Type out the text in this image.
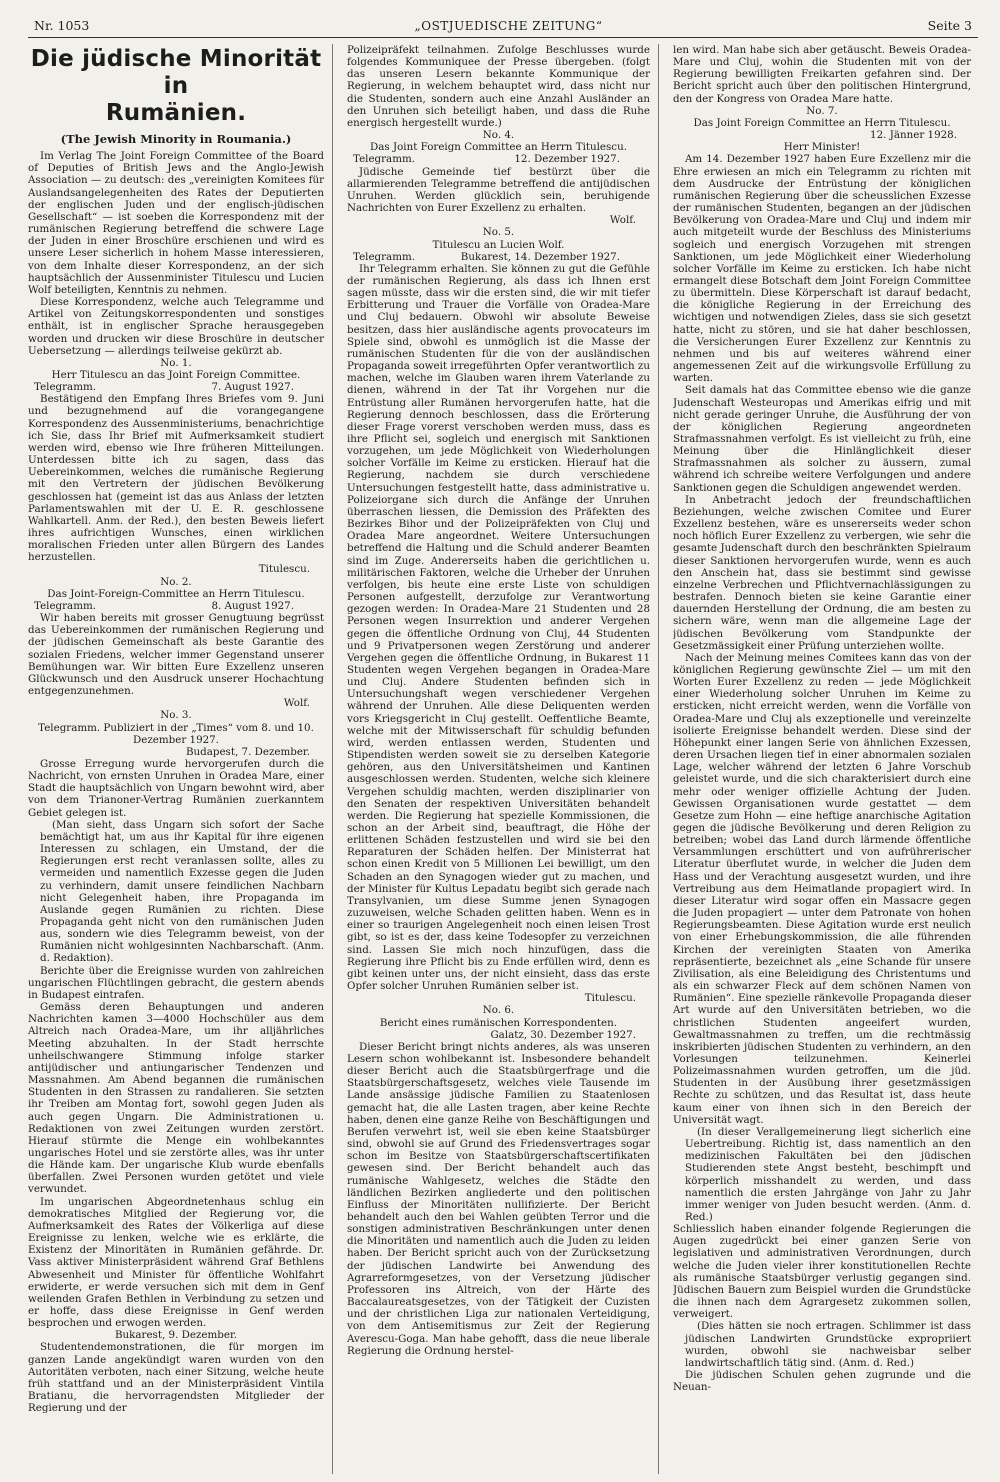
Nr. 1053	„OSTJUEDISCHE ZEITUNG“	Seite 3
Die jüdische Minorität in
Rumänien.
(The Jewish Minority in Roumania.)

Im Verlag The Joint Foreign Committee of the Board of Deputies of British Jews and the Anglo-Jewish Association — zu deutsch: des „vereinigten Komitees für Auslandsangelegenheiten des Rates der Deputierten der englischen Juden und der englisch-jüdischen Gesellschaft“ — ist soeben die Korrespondenz mit der rumänischen Regierung betreffend die schwere Lage der Juden in einer Broschüre erschienen und wird es unsere Leser sicherlich in hohem Masse interessieren, von dem Inhalte dieser Korrespondenz, an der sich hauptsächlich der Aussenminister Titulescu und Lucien Wolf beteiligten, Kenntnis zu nehmen.

Diese Korrespondenz, welche auch Telegramme und Artikel von Zeitungskorrespondenten und sonstiges enthält, ist in englischer Sprache herausgegeben worden und drucken wir diese Broschüre in deutscher Uebersetzung — allerdings teilweise gekürzt ab.

No. 1.

Herr Titulescu an das Joint Foreign Committee.

Telegramm.	7. August 1927.

Bestätigend den Empfang Ihres Briefes vom 9. Juni und bezugnehmend auf die vorangegangene Korrespondenz des Aussenministeriums, benachrichtige ich Sie, dass Ihr Brief mit Aufmerksamkeit studiert werden wird, ebenso wie Ihre früheren Mitteilungen. Unterdessen bitte ich zu sagen, dass das Uebereinkommen, welches die rumänische Regierung mit den Vertretern der jüdischen Bevölkerung geschlossen hat (gemeint ist das aus Anlass der letzten Parlamentswahlen mit der U. E. R. geschlossene Wahlkartell. Anm. der Red.), den besten Beweis liefert ihres aufrichtigen Wunsches, einen wirklichen moralischen Frieden unter allen Bürgern des Landes herzustellen.

Titulescu.

No. 2.

Das Joint-Foreign-Committee an Herrn Titulescu.

Telegramm.	8. August 1927.

Wir haben bereits mit grosser Genugtuung begrüsst das Uebereinkommen der rumänischen Regierung und der jüdischen Gemeinschaft als beste Garantie des sozialen Friedens, welcher immer Gegenstand unserer Bemühungen war. Wir bitten Eure Exzellenz unseren Glückwunsch und den Ausdruck unserer Hochachtung entgegenzunehmen.

Wolf.

No. 3.

Telegramm. Publiziert in der „Times“ vom 8. und 10. Dezember 1927.

Budapest, 7. Dezember.

Grosse Erregung wurde hervorgerufen durch die Nachricht, von ernsten Unruhen in Oradea Mare, einer Stadt die hauptsächlich von Ungarn bewohnt wird, aber von dem Trianoner-Vertrag Rumänien zuerkanntem Gebiet gelegen ist.

(Man sieht, dass Ungarn sich sofort der Sache bemächtigt hat, um aus ihr Kapital für ihre eigenen Interessen zu schlagen, ein Umstand, der die Regierungen erst recht veranlassen sollte, alles zu vermeiden und namentlich Exzesse gegen die Juden zu verhindern, damit unsere feindlichen Nachbarn nicht Gelegenheit haben, ihre Propaganda im Auslande gegen Rumänien zu richten. Diese Propaganda geht nicht von den rumänischen Juden aus, sondern wie dies Telegramm beweist, von der Rumänien nicht wohlgesinnten Nachbarschaft. (Anm. d. Redaktion).

Berichte über die Ereignisse wurden von zahlreichen ungarischen Flüchtlingen gebracht, die gestern abends in Budapest eintrafen.

Gemäss deren Behauptungen und anderen Nachrichten kamen 3—4000 Hochschüler aus dem Altreich nach Oradea-Mare, um ihr alljährliches Meeting abzuhalten. In der Stadt herrschte unheilschwangere Stimmung infolge starker antijüdischer und antiungarischer Tendenzen und Massnahmen. Am Abend begannen die rumänischen Studenten in den Strassen zu randalieren. Sie setzten ihr Treiben am Montag fort, sowohl gegen Juden als auch gegen Ungarn. Die Administrationen u. Redaktionen von zwei Zeitungen wurden zerstört. Hierauf stürmte die Menge ein wohlbekanntes ungarisches Hotel und sie zerstörte alles, was ihr unter die Hände kam. Der ungarische Klub wurde ebenfalls überfallen. Zwei Personen wurden getötet und viele verwundet.

Im ungarischen Abgeordnetenhaus schlug ein demokratisches Mitglied der Regierung vor, die Aufmerksamkeit des Rates der Völkerliga auf diese Ereignisse zu lenken, welche wie es erklärte, die Existenz der Minoritäten in Rumänien gefährde. Dr. Vass aktiver Ministerpräsident während Graf Bethlens Abwesenheit und Minister für öffentliche Wohlfahrt erwiderte, er werde versuchen sich mit dem in Genf weilenden Grafen Bethlen in Verbindung zu setzen und er hoffe, dass diese Ereignisse in Genf werden besprochen und erwogen werden.

Bukarest, 9. Dezember.

Studentendemonstrationen, die für morgen im ganzen Lande angekündigt waren wurden von den Autoritäten verboten, nach einer Sitzung, welche heute früh stattfand und an der Ministerpräsident Vintila Bratianu, die hervorragendsten Mitglieder der Regierung und der

Polizeipräfekt teilnahmen. Zufolge Beschlusses wurde folgendes Kommuniquee der Presse übergeben. (folgt das unseren Lesern bekannte Kommunique der Regierung, in welchem behauptet wird, dass nicht nur die Studenten, sondern auch eine Anzahl Ausländer an den Unruhen sich beteiligt haben, und dass die Ruhe energisch hergestellt wurde.)

No. 4.

Das Joint Foreign Committee an Herrn Titulescu.

Telegramm.	12. Dezember 1927.

Jüdische Gemeinde tief bestürzt über die allarmierenden Telegramme betreffend die antijüdischen Unruhen. Werden glücklich sein, beruhigende Nachrichten von Eurer Exzellenz zu erhalten.

Wolf.

No. 5.

Titulescu an Lucien Wolf.

Telegramm.	Bukarest, 14. Dezember 1927.

Ihr Telegramm erhalten. Sie können zu gut die Gefühle der rumänischen Regierung, als dass ich Ihnen erst sagen müsste, dass wir die ersten sind, die wir mit tiefer Erbitterung und Trauer die Vorfälle von Oradea-Mare und Cluj bedauern. Obwohl wir absolute Beweise besitzen, dass hier ausländische agents provocateurs im Spiele sind, obwohl es unmöglich ist die Masse der rumänischen Studenten für die von der ausländischen Propaganda soweit irregeführten Opfer verantwortlich zu machen, welche im Glauben waren ihrem Vaterlande zu dienen, während in der Tat ihr Vorgehen nur die Entrüstung aller Rumänen hervorgerufen hatte, hat die Regierung dennoch beschlossen, dass die Erörterung dieser Frage vorerst verschoben werden muss, dass es ihre Pflicht sei, sogleich und energisch mit Sanktionen vorzugehen, um jede Möglichkeit von Wiederholungen solcher Vorfälle im Keime zu ersticken. Hierauf hat die Regierung, nachdem sie durch verschiedene Untersuchungen festgestellt hatte, dass administrative u. Polizeiorgane sich durch die Anfänge der Unruhen überraschen liessen, die Demission des Präfekten des Bezirkes Bihor und der Polizeipräfekten von Cluj und Oradea Mare angeordnet. Weitere Untersuchungen betreffend die Haltung und die Schuld anderer Beamten sind im Zuge. Andererseits haben die gerichtlichen u. militärischen Faktoren, welche die Urheber der Unruhen verfolgen, bis heute eine erste Liste von schuldigen Personen aufgestellt, derzufolge zur Verantwortung gezogen werden: In Oradea-Mare 21 Studenten und 28 Personen wegen Insurrektion und anderer Vergehen gegen die öffentliche Ordnung von Cluj, 44 Studenten und 9 Privatpersonen wegen Zerstörung und anderer Vergehen gegen die öffentliche Ordnung, in Bukarest 11 Studenten wegen Vergehen begangen in Oradea-Mare und Cluj. Andere Studenten befinden sich in Untersuchungshaft wegen verschiedener Vergehen während der Unruhen. Alle diese Deliquenten werden vors Kriegsgericht in Cluj gestellt. Oeffentliche Beamte, welche mit der Mitwisserschaft für schuldig befunden wird, werden entlassen werden, Studenten und Stipendisten werden soweit sie zu derselben Kategorie gehören, aus den Universitätsheimen und Kantinen ausgeschlossen werden. Studenten, welche sich kleinere Vergehen schuldig machten, werden disziplinarier von den Senaten der respektiven Universitäten behandelt werden. Die Regierung hat spezielle Kommissionen, die schon an der Arbeit sind, beauftragt, die Höhe der erlittenen Schäden festzustellen und wird sie bei den Reparaturen der Schäden helfen. Der Ministerrat hat schon einen Kredit von 5 Millionen Lei bewilligt, um den Schaden an den Synagogen wieder gut zu machen, und der Minister für Kultus Lepadatu begibt sich gerade nach Transylvanien, um diese Summe jenen Synagogen zuzuweisen, welche Schaden gelitten haben. Wenn es in einer so traurigen Angelegenheit noch einen leisen Trost gibt, so ist es der, dass keine Todesopfer zu verzeichnen sind. Lassen Sie mich noch hinzufügen, dass die Regierung ihre Pflicht bis zu Ende erfüllen wird, denn es gibt keinen unter uns, der nicht einsieht, dass das erste Opfer solcher Unruhen Rumänien selber ist.

Titulescu.

No. 6.

Bericht eines rumänischen Korrespondenten.

Galatz, 30. Dezember 1927.

Dieser Bericht bringt nichts anderes, als was unseren Lesern schon wohlbekannt ist. Insbesondere behandelt dieser Bericht auch die Staatsbürgerfrage und die Staatsbürgerschaftsgesetz, welches viele Tausende im Lande ansässige jüdische Familien zu Staatenlosen gemacht hat, die alle Lasten tragen, aber keine Rechte haben, denen eine ganze Reihe von Beschäftigungen und Berufen verwehrt ist, weil sie eben keine Staatsbürger sind, obwohl sie auf Grund des Friedensvertrages sogar schon im Besitze von Staatsbürgerschaftscertifikaten gewesen sind. Der Bericht behandelt auch das rumänische Wahlgesetz, welches die Städte den ländlichen Bezirken angliederte und den politischen Einfluss der Minoritäten nullifizierte. Der Bericht behandelt auch den bei Wahlen geübten Terror und die sonstigen administrativen Beschränkungen unter denen die Minoritäten und namentlich auch die Juden zu leiden haben. Der Bericht spricht auch von der Zurücksetzung der jüdischen Landwirte bei Anwendung des Agrarreformgesetzes, von der Versetzung jüdischer Professoren ins Altreich, von der Härte des Baccalaureatsgesetzes, von der Tätigkeit der Cuzisten und der christlichen Liga zur nationalen Verteidigung, von dem Antisemitismus zur Zeit der Regierung Averescu-Goga. Man habe gehofft, dass die neue liberale Regierung die Ordnung herstel-

len wird. Man habe sich aber getäuscht. Beweis Oradea-Mare und Cluj, wohin die Studenten mit von der Regierung bewilligten Freikarten gefahren sind. Der Bericht spricht auch über den politischen Hintergrund, den der Kongress von Oradea Mare hatte.

No. 7.

Das Joint Foreign Committee an Herrn Titulescu.

12. Jänner 1928.

Herr Minister!

Am 14. Dezember 1927 haben Eure Exzellenz mir die Ehre erwiesen an mich ein Telegramm zu richten mit dem Ausdrucke der Entrüstung der königlichen rumänischen Regierung über die scheusslichen Exzesse der rumänischen Studenten, begangen an der jüdischen Bevölkerung von Oradea-Mare und Cluj und indem mir auch mitgeteilt wurde der Beschluss des Ministeriums sogleich und energisch Vorzugehen mit strengen Sanktionen, um jede Möglichkeit einer Wiederholung solcher Vorfälle im Keime zu ersticken. Ich habe nicht ermangelt diese Botschaft dem Joint Foreign Committee zu übermitteln. Diese Körperschaft ist darauf bedacht, die königliche Regierung in der Erreichung des wichtigen und notwendigen Zieles, dass sie sich gesetzt hatte, nicht zu stören, und sie hat daher beschlossen, die Versicherungen Eurer Exzellenz zur Kenntnis zu nehmen und bis auf weiteres während einer angemessenen Zeit auf die wirkungsvolle Erfüllung zu warten.

Seit damals hat das Committee ebenso wie die ganze Judenschaft Westeuropas und Amerikas eifrig und mit nicht gerade geringer Unruhe, die Ausführung der von der königlichen Regierung angeordneten Strafmassnahmen verfolgt. Es ist vielleicht zu früh, eine Meinung über die Hinlänglichkeit dieser Strafmassnahmen als solcher zu äussern, zumal während ich schreibe weitere Verfolgungen und andere Sanktionen gegen die Schuldigen angewendet werden.

In Anbetracht jedoch der freundschaftlichen Beziehungen, welche zwischen Comitee und Eurer Exzellenz bestehen, wäre es unsererseits weder schon noch höflich Eurer Exzellenz zu verbergen, wie sehr die gesamte Judenschaft durch den beschränkten Spielraum dieser Sanktionen hervorgerufen wurde, wenn es auch den Anschein hat, dass sie bestimmt sind gewisse einzelne Verbrechen und Pflichtvernachlässigungen zu bestrafen. Dennoch bieten sie keine Garantie einer dauernden Herstellung der Ordnung, die am besten zu sichern wäre, wenn man die allgemeine Lage der jüdischen Bevölkerung vom Standpunkte der Gesetzmässigkeit einer Prüfung unterziehen wollte.

Nach der Meinung meines Comitees kann das von der königlichen Regierung gewünschte Ziel — um mit den Worten Eurer Exzellenz zu reden — jede Möglichkeit einer Wiederholung solcher Unruhen im Keime zu ersticken, nicht erreicht werden, wenn die Vorfälle von Oradea-Mare und Cluj als exzeptionelle und vereinzelte isolierte Ereignisse behandelt werden. Diese sind der Höhepunkt einer langen Serie von ähnlichen Exzessen, deren Ursachen liegen tief in einer abnormalen sozialen Lage, welcher während der letzten 6 Jahre Vorschub geleistet wurde, und die sich charakterisiert durch eine mehr oder weniger offizielle Achtung der Juden. Gewissen Organisationen wurde gestattet — dem Gesetze zum Hohn — eine heftige anarchische Agitation gegen die jüdische Bevölkerung und deren Religion zu betreiben; wobei das Land durch lärmende öffentliche Versammlungen erschüttert und von aufrührerischer Literatur überflutet wurde, in welcher die Juden dem Hass und der Verachtung ausgesetzt wurden, und ihre Vertreibung aus dem Heimatlande propagiert wird. In dieser Literatur wird sogar offen ein Massacre gegen die Juden propagiert — unter dem Patronate von hohen Regierungsbeamten. Diese Agitation wurde erst neulich von einer Erhebungskommission, die alle führenden Kirchen der vereinigten Staaten von Amerika repräsentierte, bezeichnet als „eine Schande für unsere Zivilisation, als eine Beleidigung des Christentums und als ein schwarzer Fleck auf dem schönen Namen von Rumänien“. Eine spezielle ränkevolle Propaganda dieser Art wurde auf den Universitäten betrieben, wo die christlichen Studenten angeeifert wurden, Gewaltmassnahmen zu treffen, um die rechtmässig inskribierten jüdischen Studenten zu verhindern, an den Vorlesungen teilzunehmen. Keinerlei Polizeimassnahmen wurden getroffen, um die jüd. Studenten in der Ausübung ihrer gesetzmässigen Rechte zu schützen, und das Resultat ist, dass heute kaum einer von ihnen sich in den Bereich der Universität wagt.

(In dieser Verallgemeinerung liegt sicherlich eine Uebertreibung. Richtig ist, dass namentlich an den medizinischen Fakultäten bei den jüdischen Studierenden stete Angst besteht, beschimpft und körperlich misshandelt zu werden, und dass namentlich die ersten Jahrgänge von Jahr zu Jahr immer weniger von Juden besucht werden. (Anm. d. Red.)

Schliesslich haben einander folgende Regierungen die Augen zugedrückt bei einer ganzen Serie von legislativen und administrativen Verordnungen, durch welche die Juden vieler ihrer konstitutionellen Rechte als rumänische Staatsbürger verlustig gegangen sind. Jüdischen Bauern zum Beispiel wurden die Grundstücke die ihnen nach dem Agrargesetz zukommen sollen, verweigert.

(Dies hätten sie noch ertragen. Schlimmer ist dass jüdischen Landwirten Grundstücke expropriiert wurden, obwohl sie nachweisbar selber landwirtschaftlich tätig sind. (Anm. d. Red.)

Die jüdischen Schulen gehen zugrunde und die Neuan-
